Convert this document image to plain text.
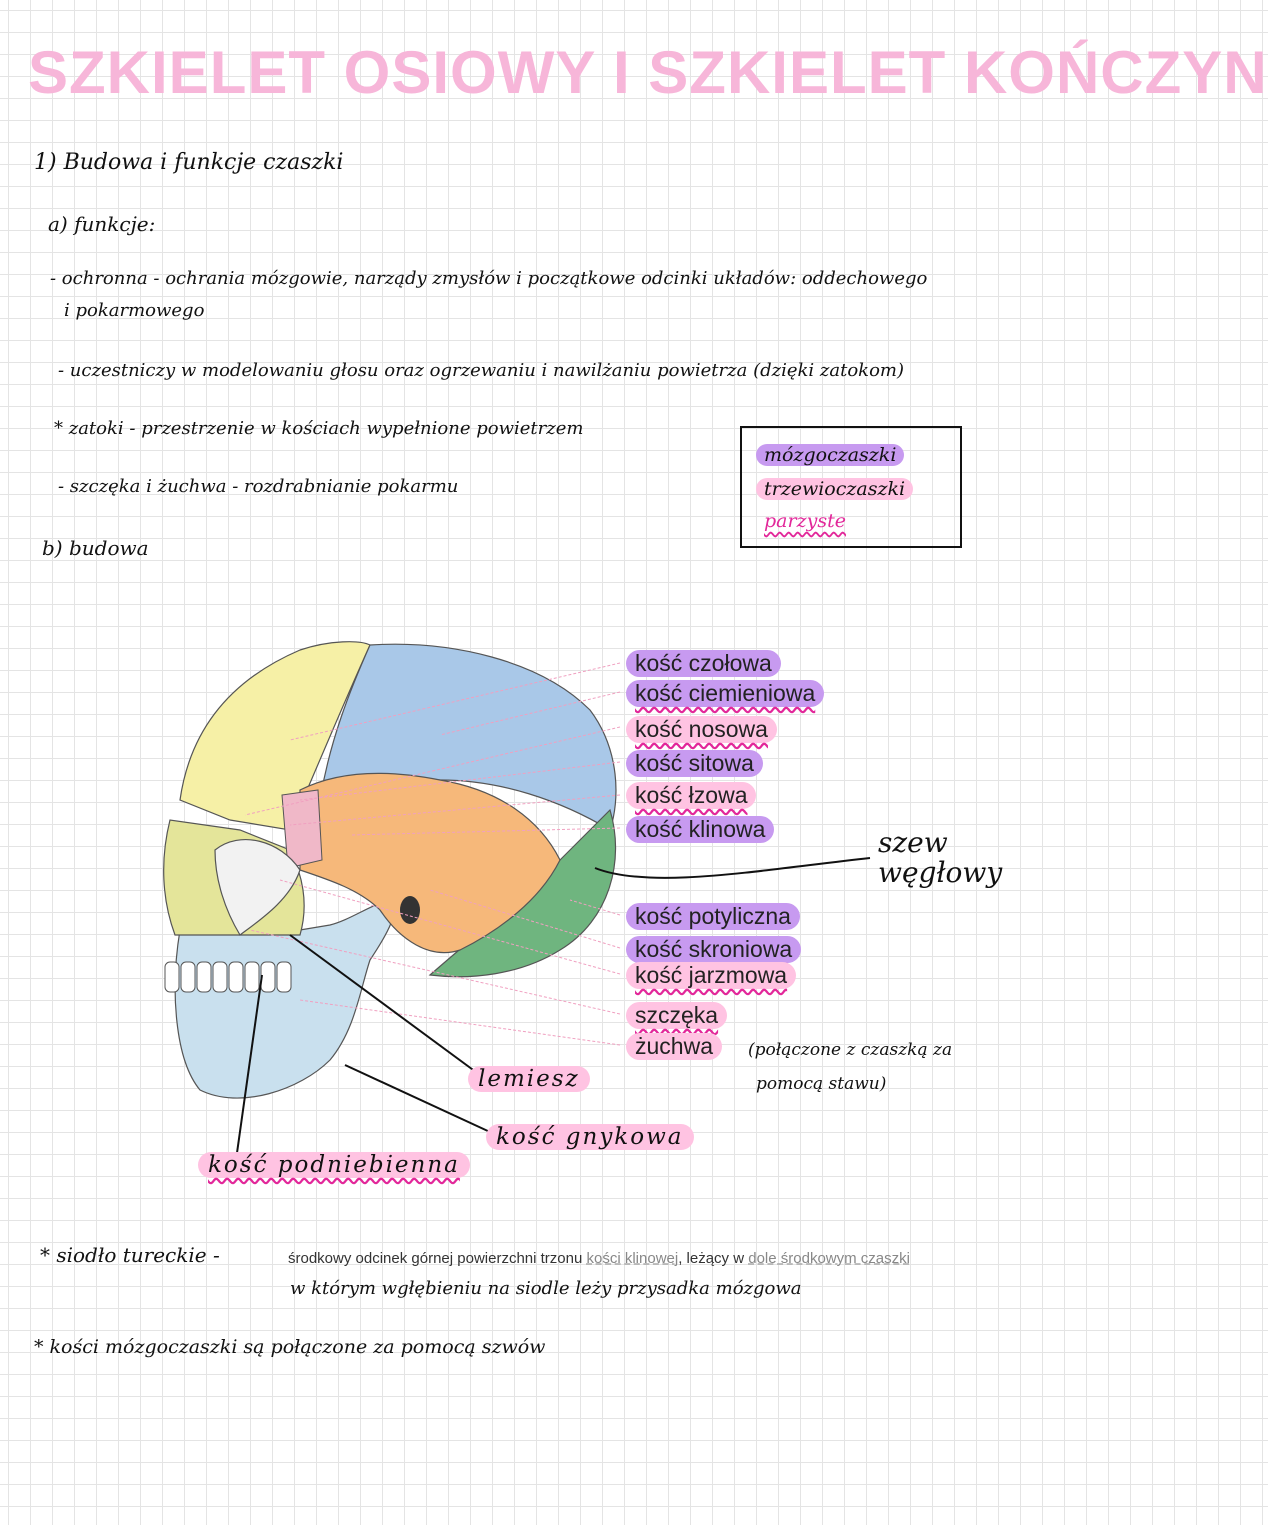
SZKIELET OSIOWY I SZKIELET KOŃCZYN
1) Budowa i funkcje czaszki
a) funkcje:
- ochronna - ochrania mózgowie, narządy zmysłów i początkowe odcinki układów: oddechowego
i pokarmowego
- uczestniczy w modelowaniu głosu oraz ogrzewaniu i nawilżaniu powietrza (dzięki zatokom)
* zatoki - przestrzenie w kościach wypełnione powietrzem
- szczęka i żuchwa - rozdrabnianie pokarmu
b) budowa
mózgoczaszki
trzewioczaszki
parzyste
kość czołowa
kość ciemieniowa
kość nosowa
kość sitowa
kość łzowa
kość klinowa
kość potyliczna
kość skroniowa
kość jarzmowa
szczęka
żuchwa
szew węgłowy
(połączone z czaszką za
pomocą stawu)
lemiesz
kość gnykowa
kość podniebienna
* siodło tureckie -	środkowy odcinek górnej powierzchni trzonu kości klinowej, leżący w dole środkowym czaszki
w którym wgłębieniu na siodle leży przysadka mózgowa
* kości mózgoczaszki są połączone za pomocą szwów
